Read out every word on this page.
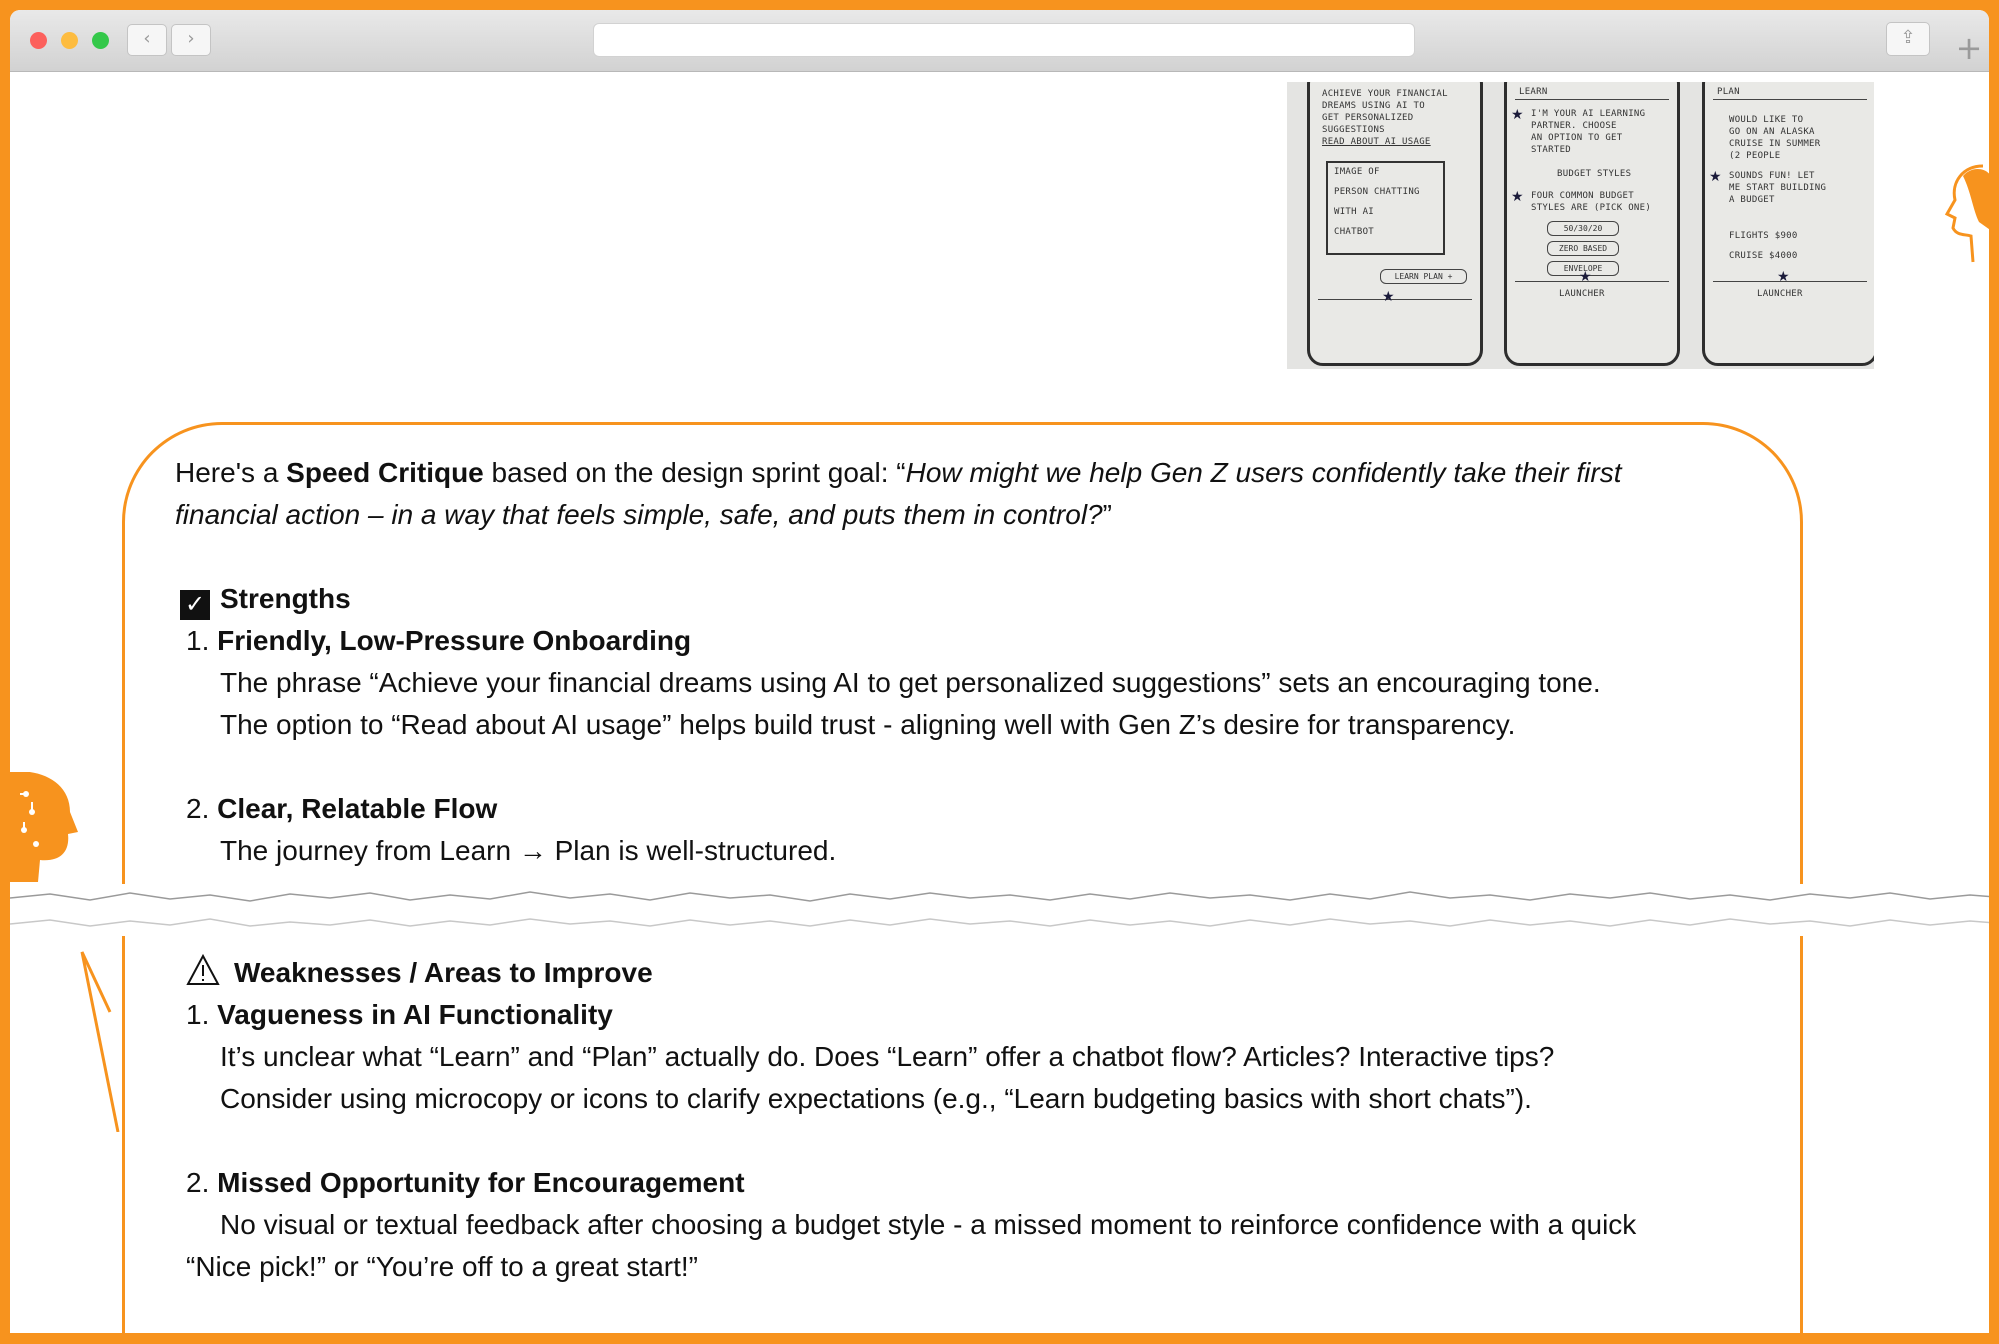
‹	›	⇪	+
ACHIEVE YOUR FINANCIAL
DREAMS USING AI TO
GET PERSONALIZED
SUGGESTIONS
READ ABOUT AI USAGE
IMAGE OF
PERSON CHATTING
WITH AI
CHATBOT
LEARN PLAN +
★
LEARN
★ I'M YOUR AI LEARNING
PARTNER. CHOOSE
AN OPTION TO GET
STARTED
BUDGET STYLES
★ FOUR COMMON BUDGET
STYLES ARE (PICK ONE)
50/30/20
ZERO BASED
ENVELOPE
★
LAUNCHER
PLAN
WOULD LIKE TO
GO ON AN ALASKA
CRUISE IN SUMMER
(2 PEOPLE
★ SOUNDS FUN! LET
ME START BUILDING
A BUDGET
FLIGHTS $900
CRUISE $4000
★
LAUNCHER
Here's a Speed Critique based on the design sprint goal: “How might we help Gen Z users confidently take their first
financial action – in a way that feels simple, safe, and puts them in control?”
✓ Strengths
1. Friendly, Low-Pressure Onboarding
The phrase “Achieve your financial dreams using AI to get personalized suggestions” sets an encouraging tone.
The option to “Read about AI usage” helps build trust - aligning well with Gen Z’s desire for transparency.
2. Clear, Relatable Flow
The journey from Learn → Plan is well-structured.
Weaknesses / Areas to Improve
1. Vagueness in AI Functionality
It’s unclear what “Learn” and “Plan” actually do. Does “Learn” offer a chatbot flow? Articles? Interactive tips?
Consider using microcopy or icons to clarify expectations (e.g., “Learn budgeting basics with short chats”).
2. Missed Opportunity for Encouragement
No visual or textual feedback after choosing a budget style - a missed moment to reinforce confidence with a quick
“Nice pick!” or “You’re off to a great start!”
